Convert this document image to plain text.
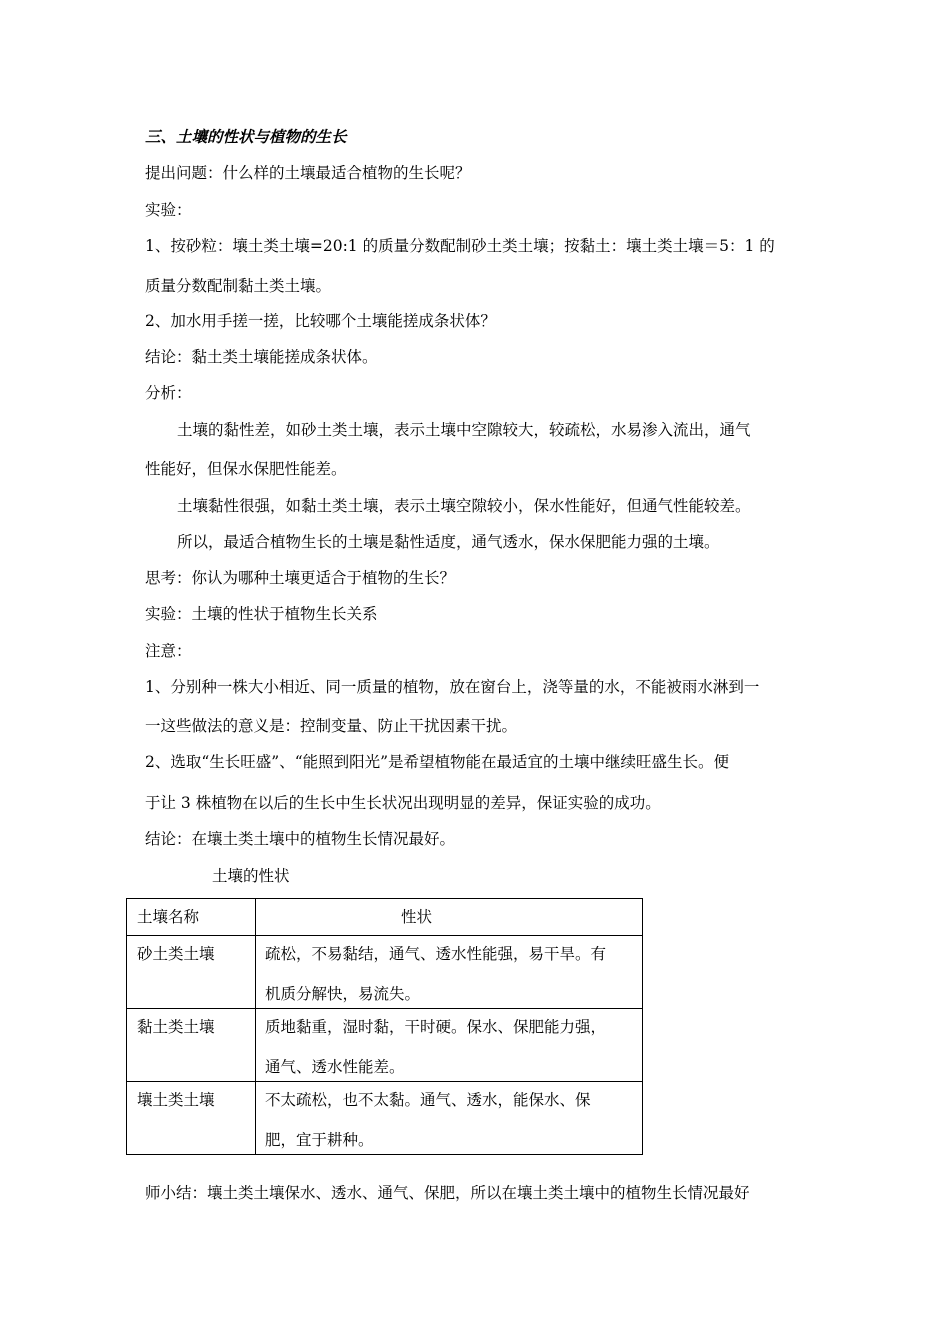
三、土壤的性状与植物的生长
提出问题：什么样的土壤最适合植物的生长呢？
实验：
1、按砂粒：壤土类土壤=20:1 的质量分数配制砂土类土壤；按黏土：壤土类土壤＝5：1 的
质量分数配制黏土类土壤。
2、加水用手搓一搓，比较哪个土壤能搓成条状体？
结论：黏土类土壤能搓成条状体。
分析：
土壤的黏性差，如砂土类土壤，表示土壤中空隙较大，较疏松，水易渗入流出，通气
性能好，但保水保肥性能差。
土壤黏性很强，如黏土类土壤，表示土壤空隙较小，保水性能好，但通气性能较差。
所以，最适合植物生长的土壤是黏性适度，通气透水，保水保肥能力强的土壤。
思考：你认为哪种土壤更适合于植物的生长？
实验：土壤的性状于植物生长关系
注意：
1、分别种一株大小相近、同一质量的植物，放在窗台上，浇等量的水，不能被雨水淋到一
一这些做法的意义是：控制变量、防止干扰因素干扰。
2、选取“生长旺盛”、“能照到阳光”是希望植物能在最适宜的土壤中继续旺盛生长。便
于让 3 株植物在以后的生长中生长状况出现明显的差异，保证实验的成功。
结论：在壤土类土壤中的植物生长情况最好。
土壤的性状
土壤名称	性状

砂土类土壤	疏松，不易黏结，通气、透水性能强，易干旱。有
机质分解快，易流失。

黏土类土壤	质地黏重，湿时黏，干时硬。保水、保肥能力强，
通气、透水性能差。

壤土类土壤	不太疏松，也不太黏。通气、透水，能保水、保
肥，宜于耕种。
师小结：壤土类土壤保水、透水、通气、保肥，所以在壤土类土壤中的植物生长情况最好
